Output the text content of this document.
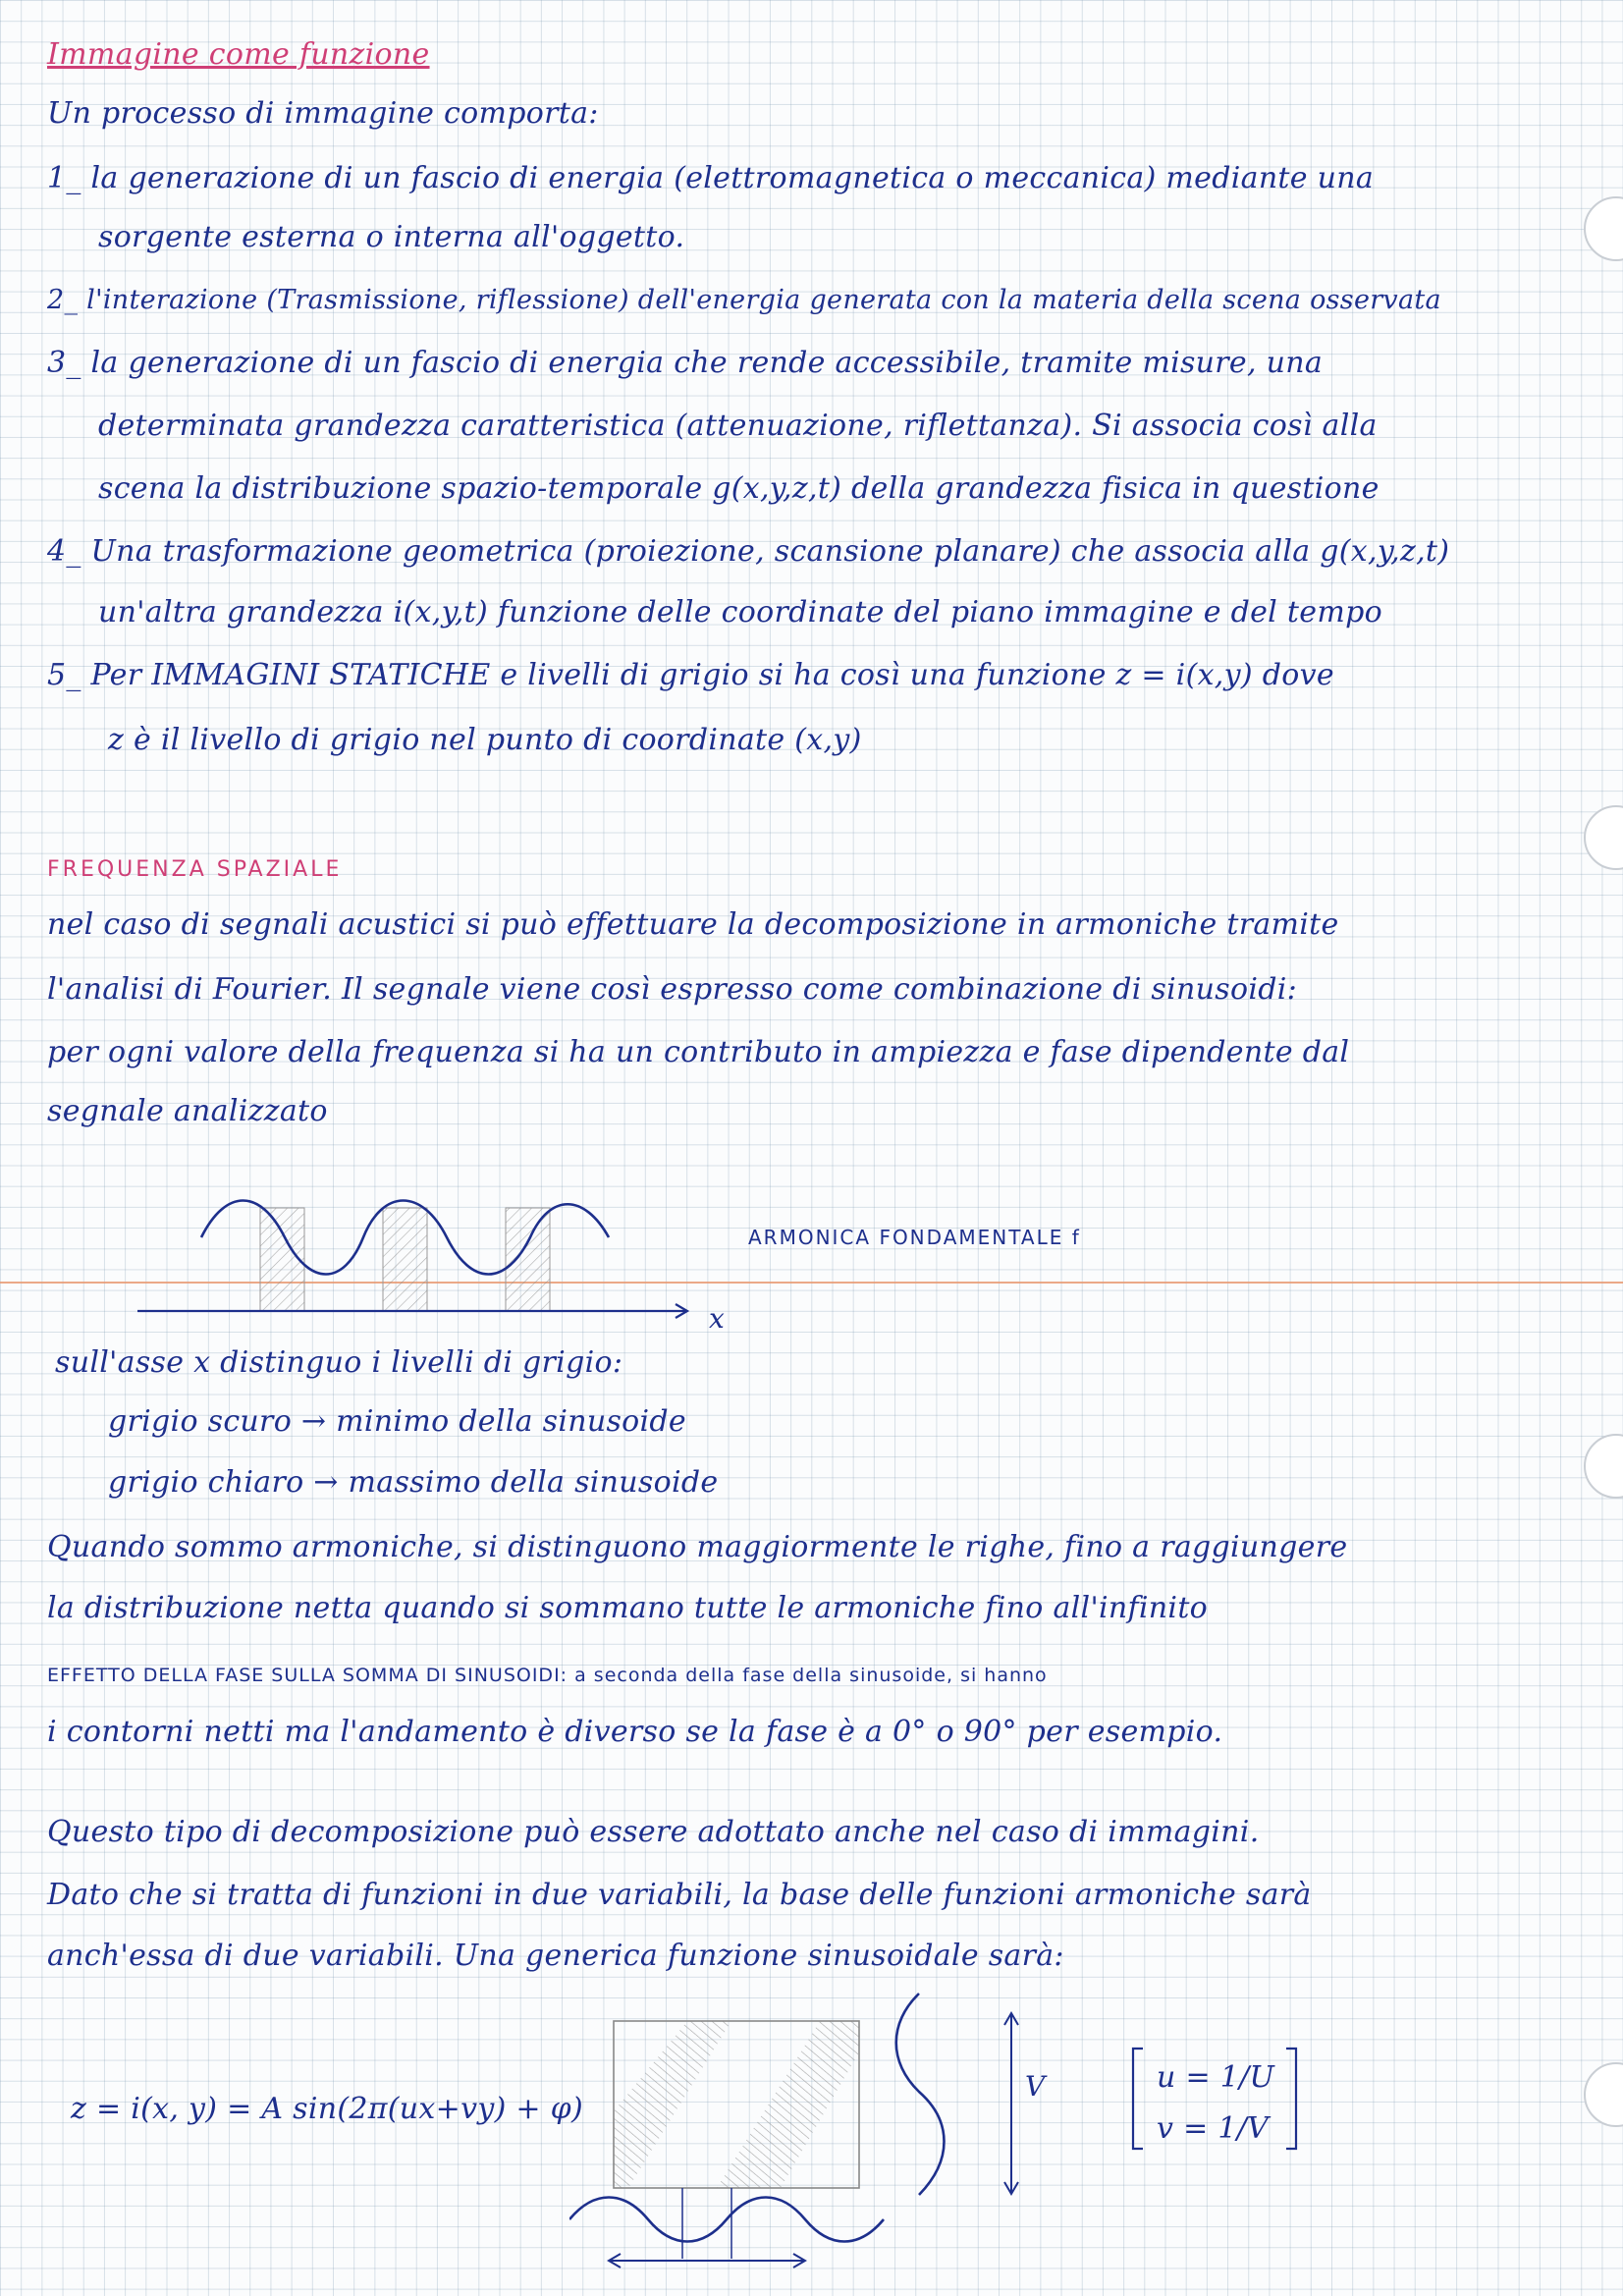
Immagine come funzione
Un processo di immagine comporta:
1_ la generazione di un fascio di energia (elettromagnetica o meccanica) mediante una
sorgente esterna o interna all'oggetto.
2_ l'interazione (Trasmissione, riflessione) dell'energia generata con la materia della scena osservata
3_ la generazione di un fascio di energia che rende accessibile, tramite misure, una
determinata grandezza caratteristica (attenuazione, riflettanza). Si associa così alla
scena la distribuzione spazio-temporale g(x,y,z,t) della grandezza fisica in questione
4_ Una trasformazione geometrica (proiezione, scansione planare) che associa alla g(x,y,z,t)
un'altra grandezza i(x,y,t) funzione delle coordinate del piano immagine e del tempo
5_ Per IMMAGINI STATICHE e livelli di grigio si ha così una funzione z = i(x,y) dove
z è il livello di grigio nel punto di coordinate (x,y)
FREQUENZA SPAZIALE
nel caso di segnali acustici si può effettuare la decomposizione in armoniche tramite
l'analisi di Fourier. Il segnale viene così espresso come combinazione di sinusoidi:
per ogni valore della frequenza si ha un contributo in ampiezza e fase dipendente dal
segnale analizzato
x
ARMONICA FONDAMENTALE f
sull'asse x distinguo i livelli di grigio:
grigio scuro → minimo della sinusoide
grigio chiaro → massimo della sinusoide
Quando sommo armoniche, si distinguono maggiormente le righe, fino a raggiungere
la distribuzione netta quando si sommano tutte le armoniche fino all'infinito
EFFETTO DELLA FASE SULLA SOMMA DI SINUSOIDI: a seconda della fase della sinusoide, si hanno
i contorni netti ma l'andamento è diverso se la fase è a 0° o 90° per esempio.
Questo tipo di decomposizione può essere adottato anche nel caso di immagini.
Dato che si tratta di funzioni in due variabili, la base delle funzioni armoniche sarà
anch'essa di due variabili. Una generica funzione sinusoidale sarà:
z = i(x, y) = A sin(2π(ux+vy) + φ)
V	u = 1/U
v = 1/V
